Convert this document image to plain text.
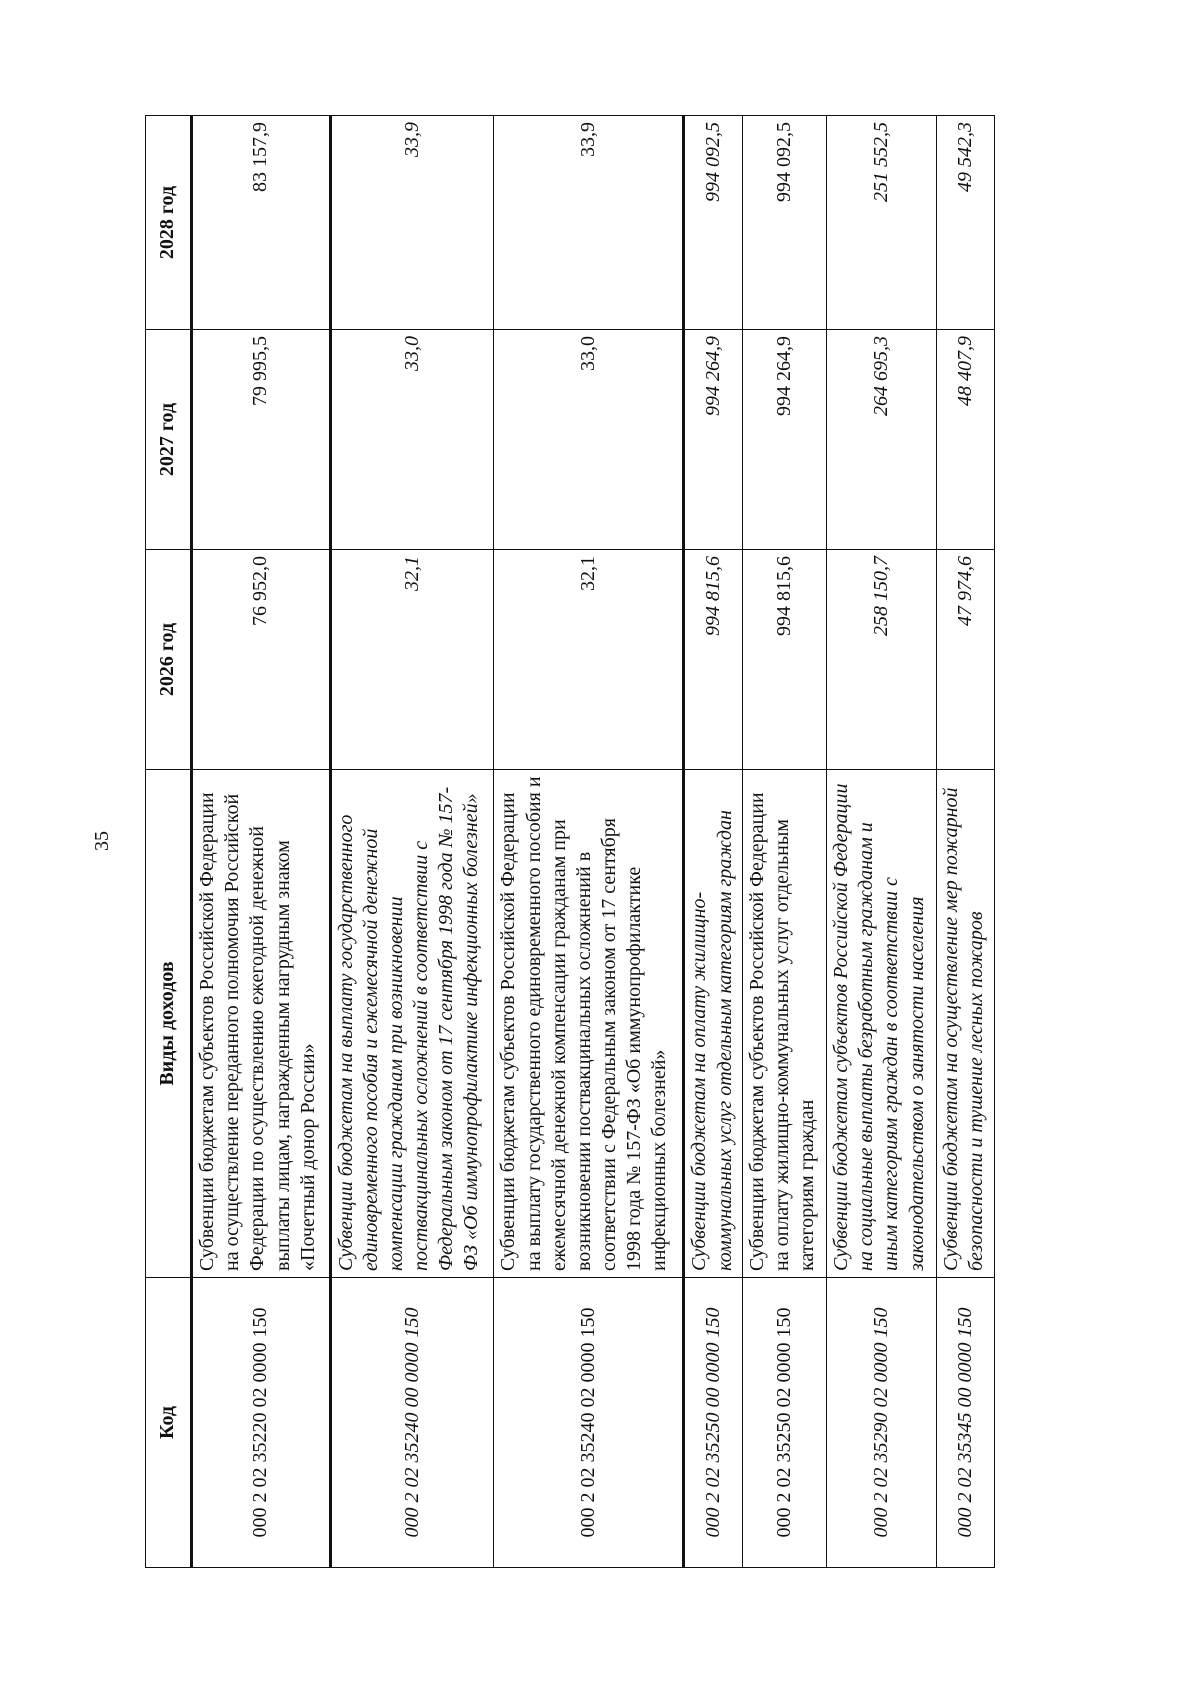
35
Код	Виды доходов	2026 год	2027 год	2028 год
000 2 02 35220 02 0000 150	Субвенции бюджетам субъектов Российской Федерации на осуществление переданного полномочия Российской Федерации по осуществлению ежегодной денежной выплаты лицам, награжденным нагрудным знаком «Почетный донор России»	76 952,0	79 995,5	83 157,9
000 2 02 35240 00 0000 150	Субвенции бюджетам на выплату государственного единовременного пособия и ежемесячной денежной компенсации гражданам при возникновении поствакцинальных осложнений в соответствии с Федеральным законом от 17 сентября 1998 года № 157-ФЗ «Об иммунопрофилактике инфекционных болезней»	32,1	33,0	33,9
000 2 02 35240 02 0000 150	Субвенции бюджетам субъектов Российской Федерации на выплату государственного единовременного пособия и ежемесячной денежной компенсации гражданам при возникновении поствакцинальных осложнений в соответствии с Федеральным законом от 17 сентября 1998 года № 157-ФЗ «Об иммунопрофилактике инфекционных болезней»	32,1	33,0	33,9
000 2 02 35250 00 0000 150	Субвенции бюджетам на оплату жилищно-коммунальных услуг отдельным категориям граждан	994 815,6	994 264,9	994 092,5
000 2 02 35250 02 0000 150	Субвенции бюджетам субъектов Российской Федерации на оплату жилищно-коммунальных услуг отдельным категориям граждан	994 815,6	994 264,9	994 092,5
000 2 02 35290 02 0000 150	Субвенции бюджетам субъектов Российской Федерации на социальные выплаты безработным гражданам и иным категориям граждан в соответствии с законодательством о занятости населения	258 150,7	264 695,3	251 552,5
000 2 02 35345 00 0000 150	Субвенции бюджетам на осуществление мер пожарной безопасности и тушение лесных пожаров	47 974,6	48 407,9	49 542,3
